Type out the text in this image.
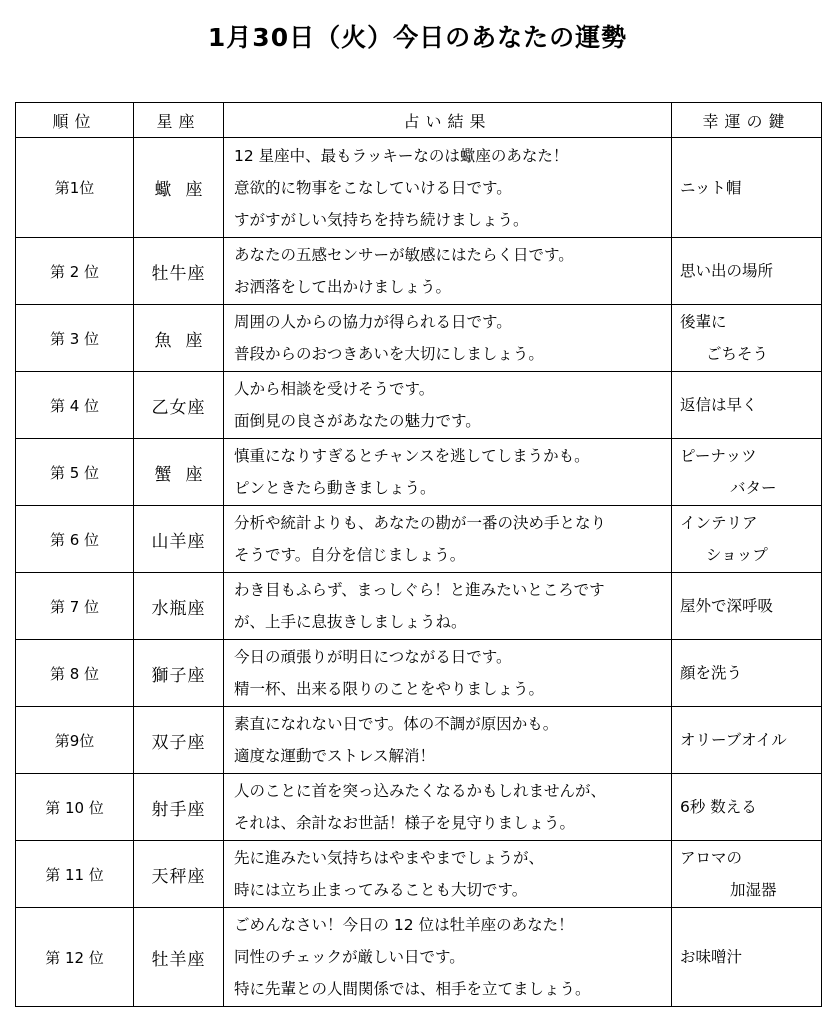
1月30日（火）今日のあなたの運勢
順位	星座	占い結果	幸運の鍵
第1位	蠍座	12 星座中、最もラッキーなのは蠍座のあなた！
意欲的に物事をこなしていける日です。
すがすがしい気持ちを持ち続けましょう。	ニット帽

第 2 位	牡牛座	あなたの五感センサーが敏感にはたらく日です。
お洒落をして出かけましょう。	思い出の場所

第 3 位	魚座	周囲の人からの協力が得られる日です。
普段からのおつきあいを大切にしましょう。	後輩に
ごちそう

第 4 位	乙女座	人から相談を受けそうです。
面倒見の良さがあなたの魅力です。	返信は早く

第 5 位	蟹座	慎重になりすぎるとチャンスを逃してしまうかも。
ピンときたら動きましょう。	ピーナッツ
バター

第 6 位	山羊座	分析や統計よりも、あなたの勘が一番の決め手となり
そうです。自分を信じましょう。	インテリア
ショップ

第 7 位	水瓶座	わき目もふらず、まっしぐら！と進みたいところです
が、上手に息抜きしましょうね。	屋外で深呼吸

第 8 位	獅子座	今日の頑張りが明日につながる日です。
精一杯、出来る限りのことをやりましょう。	顔を洗う

第9位	双子座	素直になれない日です。体の不調が原因かも。
適度な運動でストレス解消！	オリーブオイル

第 10 位	射手座	人のことに首を突っ込みたくなるかもしれませんが、
それは、余計なお世話！様子を見守りましょう。	6秒 数える

第 11 位	天秤座	先に進みたい気持ちはやまやまでしょうが、
時には立ち止まってみることも大切です。	アロマの
加湿器

第 12 位	牡羊座	ごめんなさい！今日の 12 位は牡羊座のあなた！
同性のチェックが厳しい日です。
特に先輩との人間関係では、相手を立てましょう。	お味噌汁
